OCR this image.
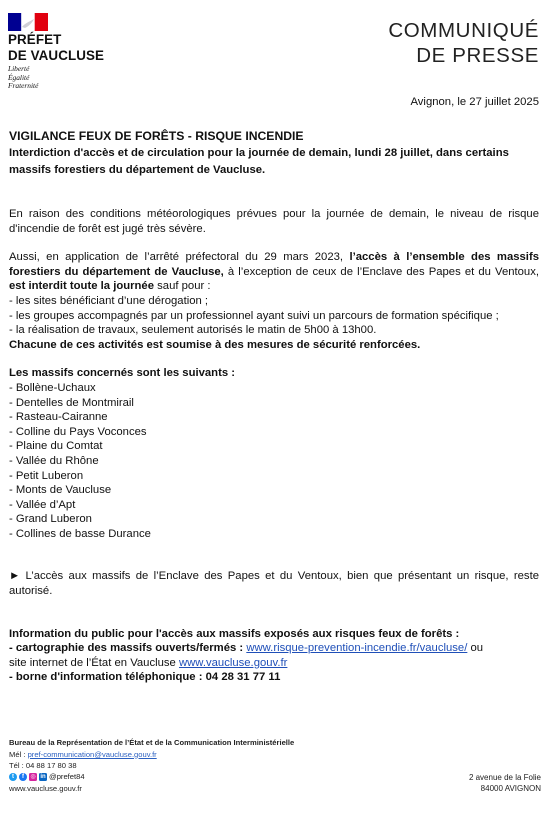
PRÉFET
DE VAUCLUSE
Liberté
Égalité
Fraternité
COMMUNIQUÉ
DE PRESSE
Avignon, le 27 juillet 2025

VIGILANCE FEUX DE FORÊTS - RISQUE INCENDIE

Interdiction d'accès et de circulation pour la journée de demain, lundi 28 juillet, dans certains massifs forestiers du département de Vaucluse.

En raison des conditions météorologiques prévues pour la journée de demain, le niveau de risque d'incendie de forêt est jugé très sévère.

Aussi, en application de l’arrêté préfectoral du 29 mars 2023, l’accès à l’ensemble des massifs forestiers du département de Vaucluse, à l’exception de ceux de l’Enclave des Papes et du Ventoux, est interdit toute la journée sauf pour :

- les sites bénéficiant d’une dérogation ;

- les groupes accompagnés par un professionnel ayant suivi un parcours de formation spécifique ;

- la réalisation de travaux, seulement autorisés le matin de 5h00 à 13h00.

Chacune de ces activités est soumise à des mesures de sécurité renforcées.

Les massifs concernés sont les suivants :

- Bollène-Uchaux
- Dentelles de Montmirail
- Rasteau-Cairanne
- Colline du Pays Voconces
- Plaine du Comtat
- Vallée du Rhône
- Petit Luberon
- Monts de Vaucluse
- Vallée d’Apt
- Grand Luberon
- Collines de basse Durance

► L’accès aux massifs de l’Enclave des Papes et du Ventoux, bien que présentant un risque, reste autorisé.

Information du public pour l'accès aux massifs exposés aux risques feux de forêts :

- cartographie des massifs ouverts/fermés : www.risque-prevention-incendie.fr/vaucluse/ ou

site internet de l’État en Vaucluse www.vaucluse.gouv.fr

- borne d'information téléphonique : 04 28 31 77 11

Bureau de la Représentation de l’État et de la Communication Interministérielle
Mél : pref-communication@vaucluse.gouv.fr
Tél : 04 88 17 80 38
t	f	◎ in @prefet84
www.vaucluse.gouv.fr
2 avenue de la Folie
84000 AVIGNON
